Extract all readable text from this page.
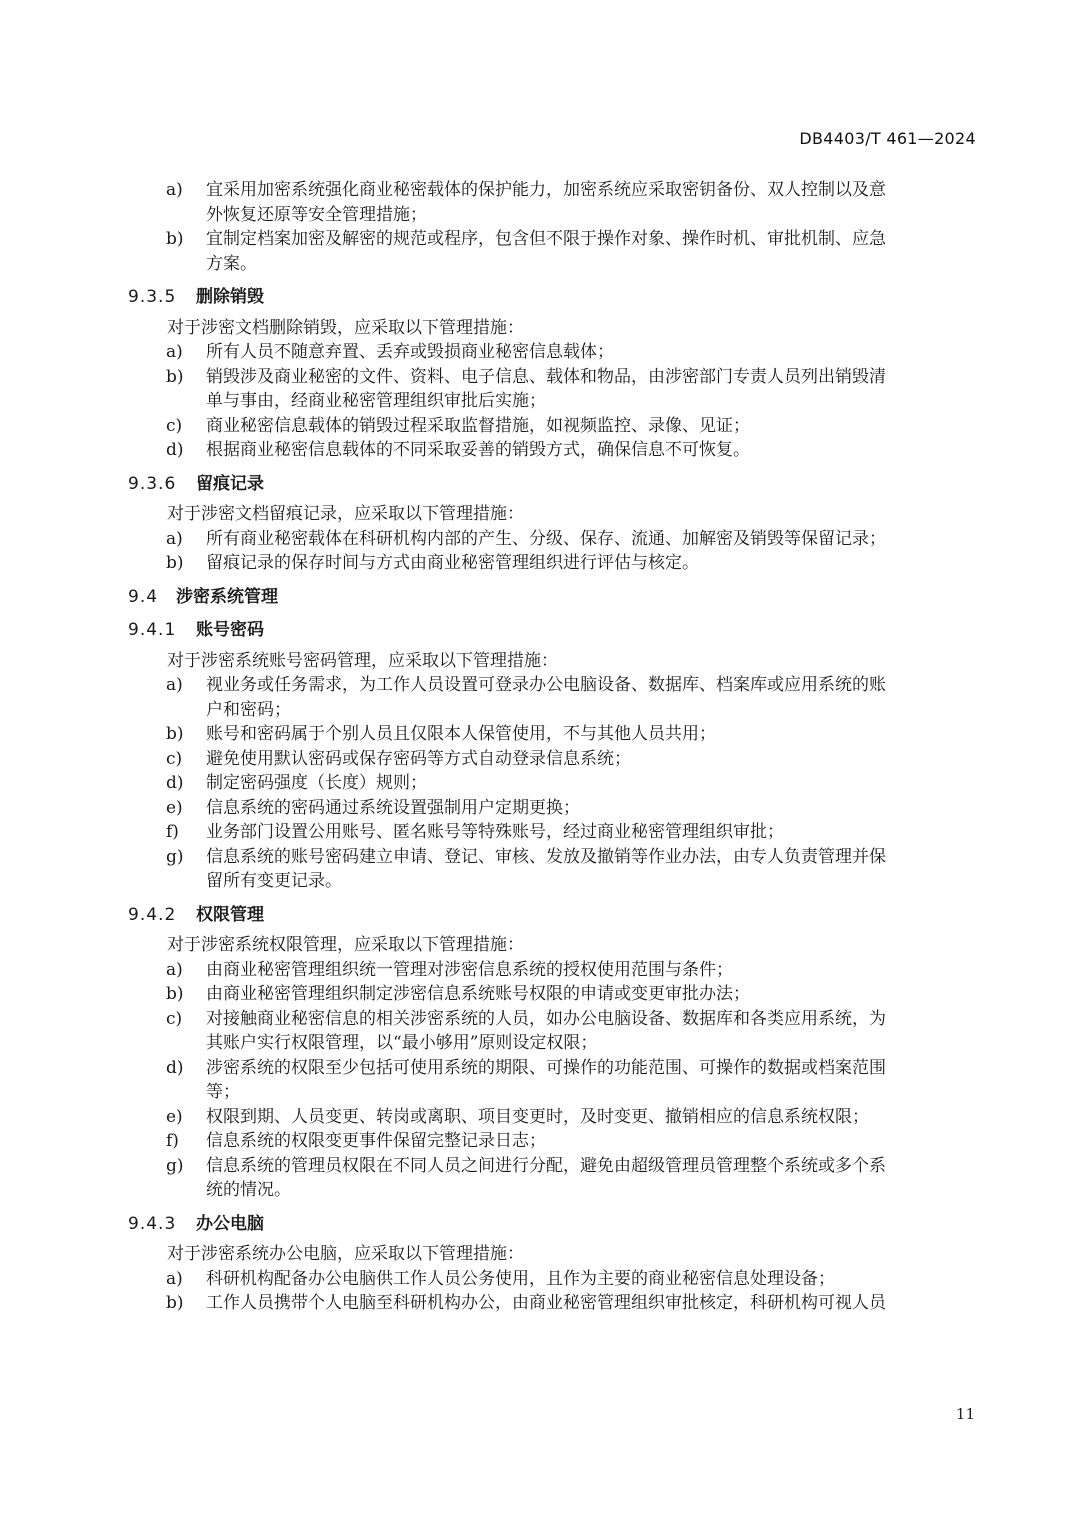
DB4403/T 461—2024
a)	宜采用加密系统强化商业秘密载体的保护能力，加密系统应采取密钥备份、双人控制以及意
外恢复还原等安全管理措施；
b)	宜制定档案加密及解密的规范或程序，包含但不限于操作对象、操作时机、审批机制、应急
方案。
9.3.5 删除销毁
对于涉密文档删除销毁，应采取以下管理措施：
a)	所有人员不随意弃置、丢弃或毁损商业秘密信息载体；
b)	销毁涉及商业秘密的文件、资料、电子信息、载体和物品，由涉密部门专责人员列出销毁清
单与事由，经商业秘密管理组织审批后实施；
c)	商业秘密信息载体的销毁过程采取监督措施，如视频监控、录像、见证；
d)	根据商业秘密信息载体的不同采取妥善的销毁方式，确保信息不可恢复。
9.3.6 留痕记录
对于涉密文档留痕记录，应采取以下管理措施：
a)	所有商业秘密载体在科研机构内部的产生、分级、保存、流通、加解密及销毁等保留记录；
b)	留痕记录的保存时间与方式由商业秘密管理组织进行评估与核定。
9.4 涉密系统管理
9.4.1 账号密码
对于涉密系统账号密码管理，应采取以下管理措施：
a)	视业务或任务需求，为工作人员设置可登录办公电脑设备、数据库、档案库或应用系统的账
户和密码；
b)	账号和密码属于个别人员且仅限本人保管使用，不与其他人员共用；
c)	避免使用默认密码或保存密码等方式自动登录信息系统；
d)	制定密码强度（长度）规则；
e)	信息系统的密码通过系统设置强制用户定期更换；
f)	业务部门设置公用账号、匿名账号等特殊账号，经过商业秘密管理组织审批；
g)	信息系统的账号密码建立申请、登记、审核、发放及撤销等作业办法，由专人负责管理并保
留所有变更记录。
9.4.2 权限管理
对于涉密系统权限管理，应采取以下管理措施：
a)	由商业秘密管理组织统一管理对涉密信息系统的授权使用范围与条件；
b)	由商业秘密管理组织制定涉密信息系统账号权限的申请或变更审批办法；
c)	对接触商业秘密信息的相关涉密系统的人员，如办公电脑设备、数据库和各类应用系统，为
其账户实行权限管理，以“最小够用”原则设定权限；
d)	涉密系统的权限至少包括可使用系统的期限、可操作的功能范围、可操作的数据或档案范围
等；
e)	权限到期、人员变更、转岗或离职、项目变更时，及时变更、撤销相应的信息系统权限；
f)	信息系统的权限变更事件保留完整记录日志；
g)	信息系统的管理员权限在不同人员之间进行分配，避免由超级管理员管理整个系统或多个系
统的情况。
9.4.3 办公电脑
对于涉密系统办公电脑，应采取以下管理措施：
a)	科研机构配备办公电脑供工作人员公务使用，且作为主要的商业秘密信息处理设备；
b)	工作人员携带个人电脑至科研机构办公，由商业秘密管理组织审批核定，科研机构可视人员
11
